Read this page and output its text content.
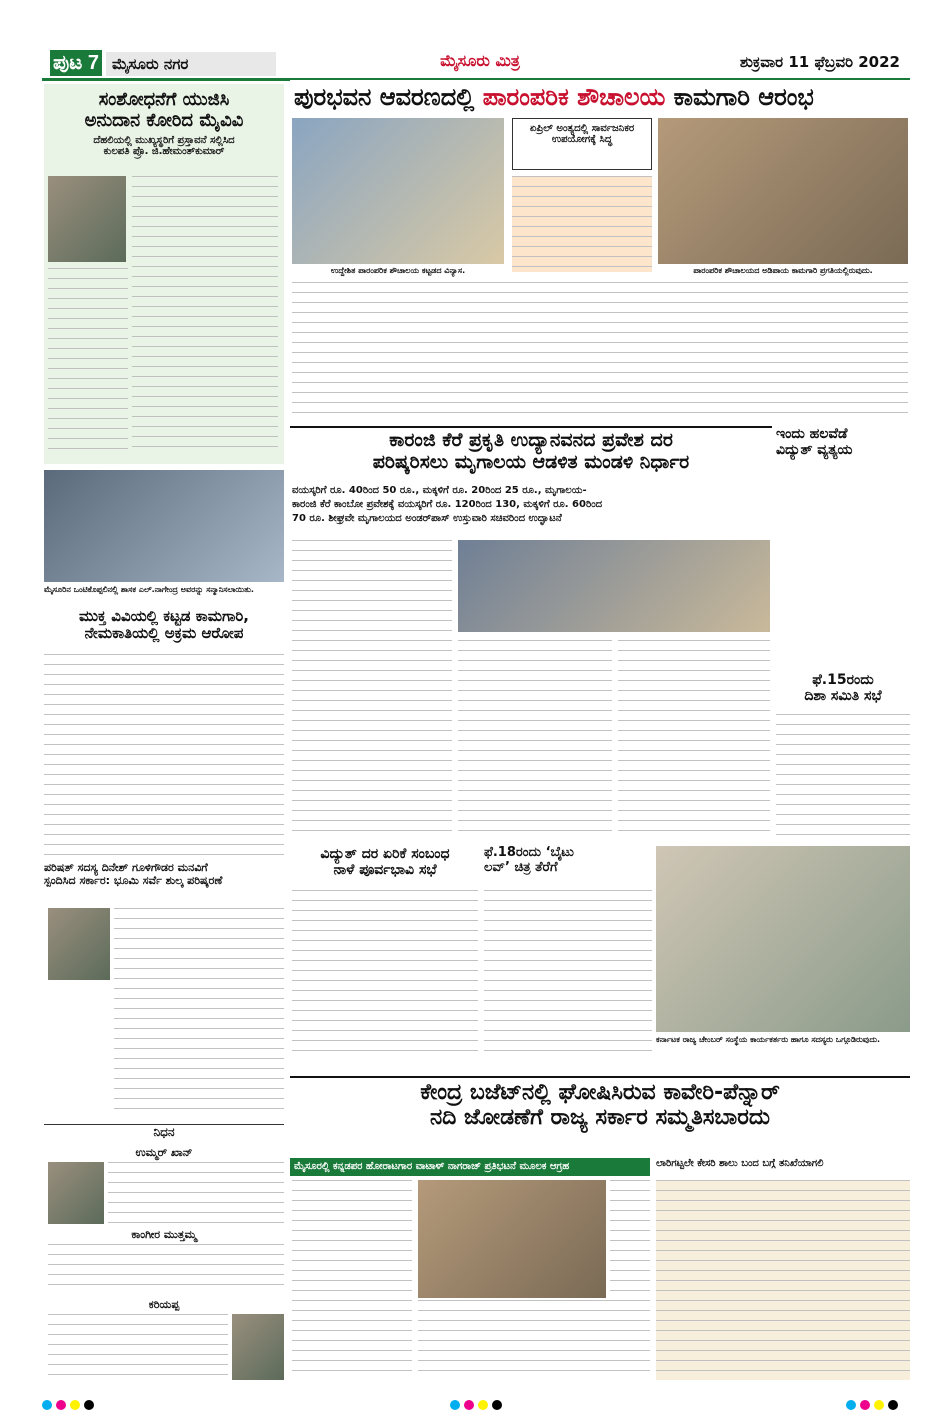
ಪುಟ 7 ಮೈಸೂರು ನಗರ	ಮೈಸೂರು ಮಿತ್ರ	ಶುಕ್ರವಾರ 11 ಫೆಬ್ರವರಿ 2022
ಸಂಶೋಧನೆಗೆ ಯುಜಿಸಿ
ಅನುದಾನ ಕೋರಿದ ಮೈವಿವಿ
ದೆಹಲಿಯಲ್ಲಿ ಮುಖ್ಯಸ್ಥರಿಗೆ ಪ್ರಸ್ತಾವನೆ ಸಲ್ಲಿಸಿದ
ಕುಲಪತಿ ಪ್ರೊ. ಜಿ.ಹೇಮಂತ್‌ಕುಮಾರ್
ಪುರಭವನ ಆವರಣದಲ್ಲಿ ಪಾರಂಪರಿಕ ಶೌಚಾಲಯ ಕಾಮಗಾರಿ ಆರಂಭ
ಉದ್ದೇಶಿತ ಪಾರಂಪರಿಕ ಶೌಚಾಲಯ ಕಟ್ಟಡದ ವಿನ್ಯಾಸ.
ಏಪ್ರಿಲ್ ಅಂತ್ಯದಲ್ಲಿ ಸಾರ್ವಜನಿಕರ ಉಪಯೋಗಕ್ಕೆ ಸಿದ್ಧ
ಪಾರಂಪರಿಕ ಶೌಚಾಲಯದ ಅಡಿಪಾಯ ಕಾಮಗಾರಿ ಪ್ರಗತಿಯಲ್ಲಿರುವುದು.
ಕಾರಂಜಿ ಕೆರೆ ಪ್ರಕೃತಿ ಉದ್ಯಾನವನದ ಪ್ರವೇಶ ದರ
ಪರಿಷ್ಕರಿಸಲು ಮೃಗಾಲಯ ಆಡಳಿತ ಮಂಡಳಿ ನಿರ್ಧಾರ
ವಯಸ್ಕರಿಗೆ ರೂ. 40ರಿಂದ 50 ರೂ., ಮಕ್ಕಳಿಗೆ ರೂ. 20ರಿಂದ 25 ರೂ., ಮೃಗಾಲಯ-
ಕಾರಂಜಿ ಕೆರೆ ಕಾಂಬೋ ಪ್ರವೇಶಕ್ಕೆ ವಯಸ್ಕರಿಗೆ ರೂ. 120ರಿಂದ 130, ಮಕ್ಕಳಿಗೆ ರೂ. 60ರಿಂದ
70 ರೂ. ಶೀಘ್ರವೇ ಮೃಗಾಲಯದ ಅಂಡರ್‌ಪಾಸ್ ಉಸ್ತುವಾರಿ ಸಚಿವರಿಂದ ಉದ್ಘಾಟನೆ
ಇಂದು ಹಲವೆಡೆ
ವಿದ್ಯುತ್ ವ್ಯತ್ಯಯ
ಫೆ.15ರಂದು
ದಿಶಾ ಸಮಿತಿ ಸಭೆ
ಮೈಸೂರಿನ ಒಂಟಿಕೊಪ್ಪಲಿನಲ್ಲಿ ಶಾಸಕ ಎಲ್.ನಾಗೇಂದ್ರ ಅವರನ್ನು ಸನ್ಮಾನಿಸಲಾಯಿತು.
ಮುಕ್ತ ವಿವಿಯಲ್ಲಿ ಕಟ್ಟಡ ಕಾಮಗಾರಿ,
ನೇಮಕಾತಿಯಲ್ಲಿ ಅಕ್ರಮ ಆರೋಪ
ವಿದ್ಯುತ್ ದರ ಏರಿಕೆ ಸಂಬಂಧ
ನಾಳೆ ಪೂರ್ವಭಾವಿ ಸಭೆ
ಫೆ.18ರಂದು ‘ಬೈಟು
ಲವ್’ ಚಿತ್ರ ತೆರೆಗೆ
ಕರ್ನಾಟಕ ರಾಜ್ಯ ಚೇಂಬರ್ ಸಂಸ್ಥೆಯ ಕಾರ್ಯಕರ್ತರು ಹಾಗೂ ಸದಸ್ಯರು ಒಗ್ಗೂಡಿರುವುದು.
ಪರಿಷತ್ ಸದಸ್ಯ ದಿನೇಶ್ ಗೂಳಿಗೌಡರ ಮನವಿಗೆ
ಸ್ಪಂದಿಸಿದ ಸರ್ಕಾರ: ಭೂಮಿ ಸರ್ವೆ ಶುಲ್ಕ ಪರಿಷ್ಕರಣೆ
ಕೇಂದ್ರ ಬಜೆಟ್‌ನಲ್ಲಿ ಘೋಷಿಸಿರುವ ಕಾವೇರಿ-ಪೆನ್ನಾರ್
ನದಿ ಜೋಡಣೆಗೆ ರಾಜ್ಯ ಸರ್ಕಾರ ಸಮ್ಮತಿಸಬಾರದು
ಮೈಸೂರಲ್ಲಿ ಕನ್ನಡಪರ ಹೋರಾಟಗಾರ ವಾಟಾಳ್ ನಾಗರಾಜ್ ಪ್ರತಿಭಟನೆ ಮೂಲಕ ಆಗ್ರಹ	ಲಾರಿಗಟ್ಟಲೇ ಕೇಸರಿ ಶಾಲು ಬಂದ ಬಗ್ಗೆ ತನಿಖೆಯಾಗಲಿ
ನಿಧನ
ಉಮ್ಮರ್ ಖಾನ್
ಕಾಂಗೀರ ಮುತ್ತಮ್ಮ
ಕರಿಯಪ್ಪ
